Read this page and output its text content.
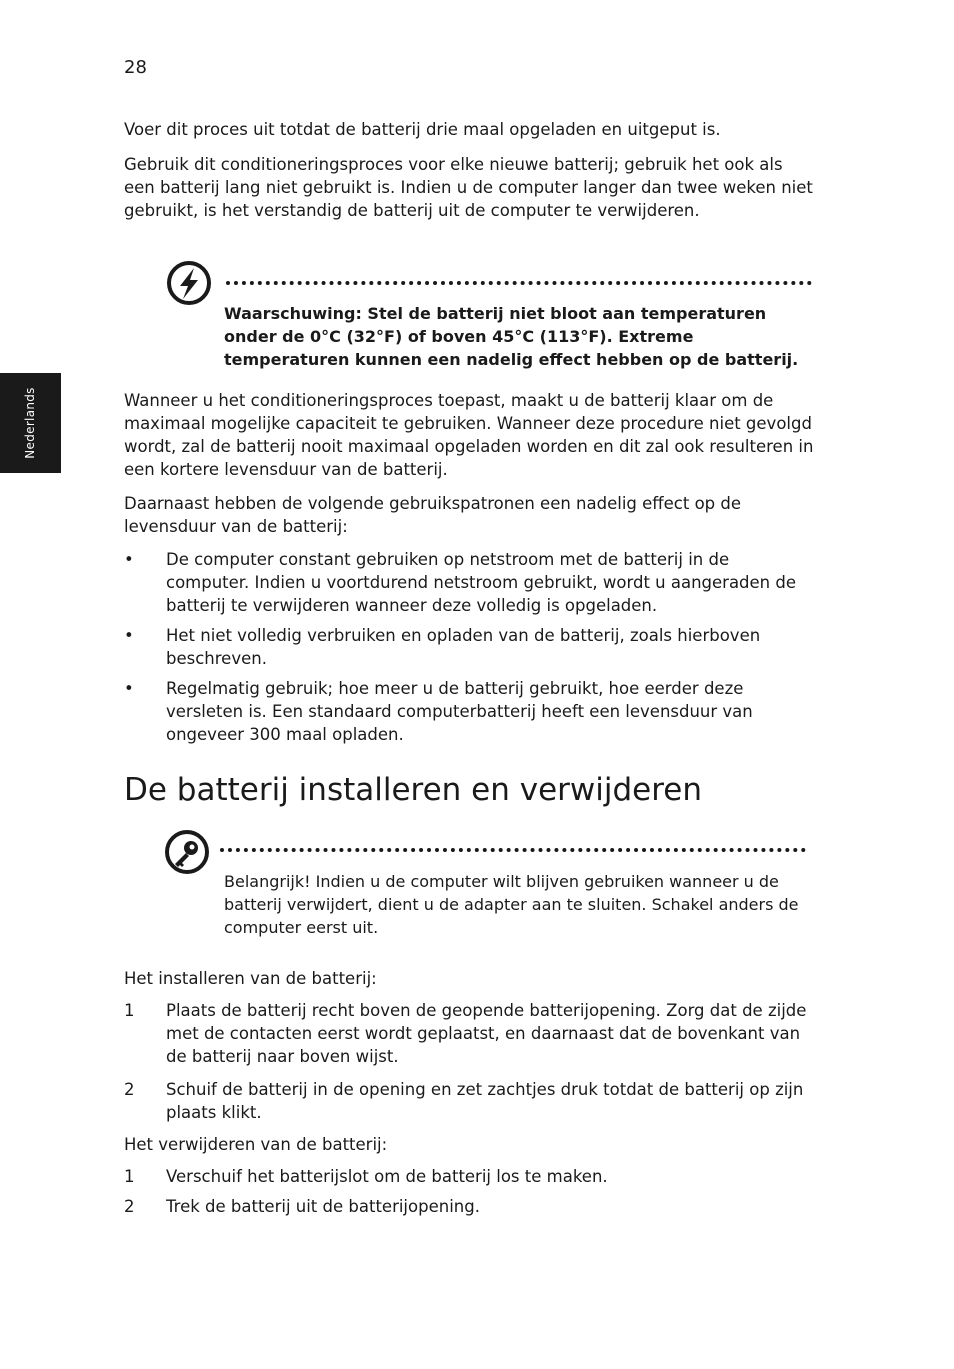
28
Nederlands

Voer dit proces uit totdat de batterij drie maal opgeladen en uitgeput is.

Gebruik dit conditioneringsproces voor elke nieuwe batterij; gebruik het ook als een batterij lang niet gebruikt is. Indien u de computer langer dan twee weken niet gebruikt, is het verstandig de batterij uit de computer te verwijderen.

Waarschuwing: Stel de batterij niet bloot aan temperaturen onder de 0°C (32°F) of boven 45°C (113°F). Extreme temperaturen kunnen een nadelig effect hebben op de batterij.

Wanneer u het conditioneringsproces toepast, maakt u de batterij klaar om de maximaal mogelijke capaciteit te gebruiken. Wanneer deze procedure niet gevolgd wordt, zal de batterij nooit maximaal opgeladen worden en dit zal ook resulteren in een kortere levensduur van de batterij.

Daarnaast hebben de volgende gebruikspatronen een nadelig effect op de levensduur van de batterij:

• De computer constant gebruiken op netstroom met de batterij in de computer. Indien u voortdurend netstroom gebruikt, wordt u aangeraden de batterij te verwijderen wanneer deze volledig is opgeladen.
• Het niet volledig verbruiken en opladen van de batterij, zoals hierboven beschreven.
• Regelmatig gebruik; hoe meer u de batterij gebruikt, hoe eerder deze versleten is. Een standaard computerbatterij heeft een levensduur van ongeveer 300 maal opladen.
De batterij installeren en verwijderen

Belangrijk! Indien u de computer wilt blijven gebruiken wanneer u de batterij verwijdert, dient u de adapter aan te sluiten. Schakel anders de computer eerst uit.

Het installeren van de batterij:

1 Plaats de batterij recht boven de geopende batterijopening. Zorg dat de zijde met de contacten eerst wordt geplaatst, en daarnaast dat de bovenkant van de batterij naar boven wijst.
2 Schuif de batterij in de opening en zet zachtjes druk totdat de batterij op zijn plaats klikt.

Het verwijderen van de batterij:

1 Verschuif het batterijslot om de batterij los te maken.
2 Trek de batterij uit de batterijopening.
